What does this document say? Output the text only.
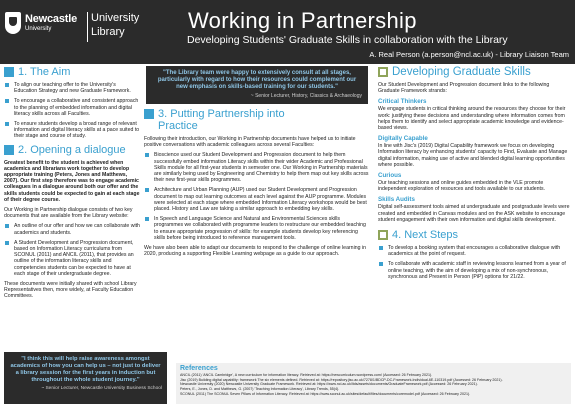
Newcastle
University
University
Library	Working in Partnership
Developing Students' Graduate Skills in collaboration with the Library
A. Real Person (a.person@ncl.ac.uk) - Library Liaison Team
1. The Aim
To align our teaching offer to the University's Education Strategy and new Graduate Framework.
To encourage a collaborative and consistent approach to the planning of embedded information and digital literacy skills across all Faculties.
To ensure students develop a broad range of relevant information and digital literacy skills at a pace suited to their stage and course of study.
2. Opening a dialogue

Greatest benefit to the student is achieved when academics and librarians work together to develop appropriate training (Peters, Jones and Matthews, 2007). Our first step therefore was to engage academic colleagues in a dialogue around both our offer and the skills students could be expected to gain at each stage of their degree course.

Our Working in Partnership dialogue consists of two key documents that are available from the Library website:

An outline of our offer and how we can collaborate with academics and students.
A Student Development and Progression document, based on Information Literacy curriculums from SCONUL (2011) and ANCIL (2011), that provides an outline of the information literacy skills and competencies students can be expected to have at each stage of their undergraduate degree.

These documents were initially shared with school Library Representatives then, more widely, at Faculty Education Committees.

"I think this will help raise awareness amongst academics of how you can help us – not just to deliver a library session for the first years in induction but throughout the whole student journey."
~ Senior Lecturer, Newcastle University Business School
"The Library team were happy to extensively consult at all stages, particularly with regard to how their resources could complement our new emphasis on skills-based training for our students."
~ Senior Lecturer, History, Classics & Archaeology
3. Putting Partnership into Practice

Following their introduction, our Working in Partnership documents have helped us to initiate positive conversations with academic colleagues across several Faculties:

Bioscience used our Student Development and Progression document to help them successfully embed information Literacy skills within their wider Academic and Professional Skills module for all first-year students in semester one. Our Working in Partnership materials are similarly being used by Engineering and Chemistry to help them map out key skills across their new first-year skills programmes.
Architecture and Urban Planning (AUP) used our Student Development and Progression document to map out learning outcomes at each level against the AUP programme. Modules were selected at each stage where embedded Information Literacy workshops would be best placed. History and Law are taking a similar approach to embedding key skills.
In Speech and Language Science and Natural and Environmental Sciences skills programmes we collaborated with programme leaders to restructure our embedded teaching to ensure appropriate progression of skills: for example students develop key referencing skills before being introduced to reference management tools.

We have also been able to adapt our documents to respond to the challenge of online learning in 2020, producing a supporting Flexible Learning webpage as a guide to our approach.

Developing Graduate Skills

Our Student Development and Progression document links to the following Graduate Framework strands:

Critical Thinkers

We engage students in critical thinking around the resources they choose for their work: justifying these decisions and understanding where information comes from helps them to identify and select appropriate academic knowledge and evidence-based views.

Digitally Capable

In line with Jisc's (2019) Digital Capability framework we focus on developing Information literacy by enhancing students' capacity to Find, Evaluate and Manage digital information, making use of active and blended digital learning opportunities where possible.

Curious

Our teaching sessions and online guides embedded in the VLE promote independent exploration of resources and tools available to our students.

Skills Audits

Digital self-assessment tools aimed at undergraduate and postgraduate levels were created and embedded in Canvas modules and on the ASK website to encourage student engagement with their own information and digital skills development.

4. Next Steps
To develop a booking system that encourages a collaborative dialogue with academics at the point of request.
To collaborate with academic staff in reviewing lessons learned from a year of online teaching, with the aim of developing a mix of non-synchronous, synchronous and Present in Person (PiP) options for 21/22.
References
ANCIL (2011) 'ANCIL Cambridge', A new curriculum for information literacy. Retrieved at: https://newcurriculum.wordpress.com/ (Accessed: 26 February 2021).
Jisc (2019) Building digital capability: framework The six elements defined. Retrieved at: https://repository.jisc.ac.uk/7278/1/BDCP-DC-Framework-Individual-6E-110319.pdf (Accessed: 26 February 2021).
Newcastle University (2020) Newcastle University Graduate Framework. Retrieved at: https://www.ncl.ac.uk/ltds/assets/documents/GraduateFramework.pdf (Accessed: 26 February 2021).
Peters, E., Jones, D. and Matthews, G. (2007) 'Teaching Information Literacy', Library Trends, 55(4).
SCONUL (2011) The SCONUL Seven Pillars of Information Literacy. Retrieved at: https://www.sconul.ac.uk/sites/default/files/documents/coremodel.pdf (Accessed: 26 February 2021).
